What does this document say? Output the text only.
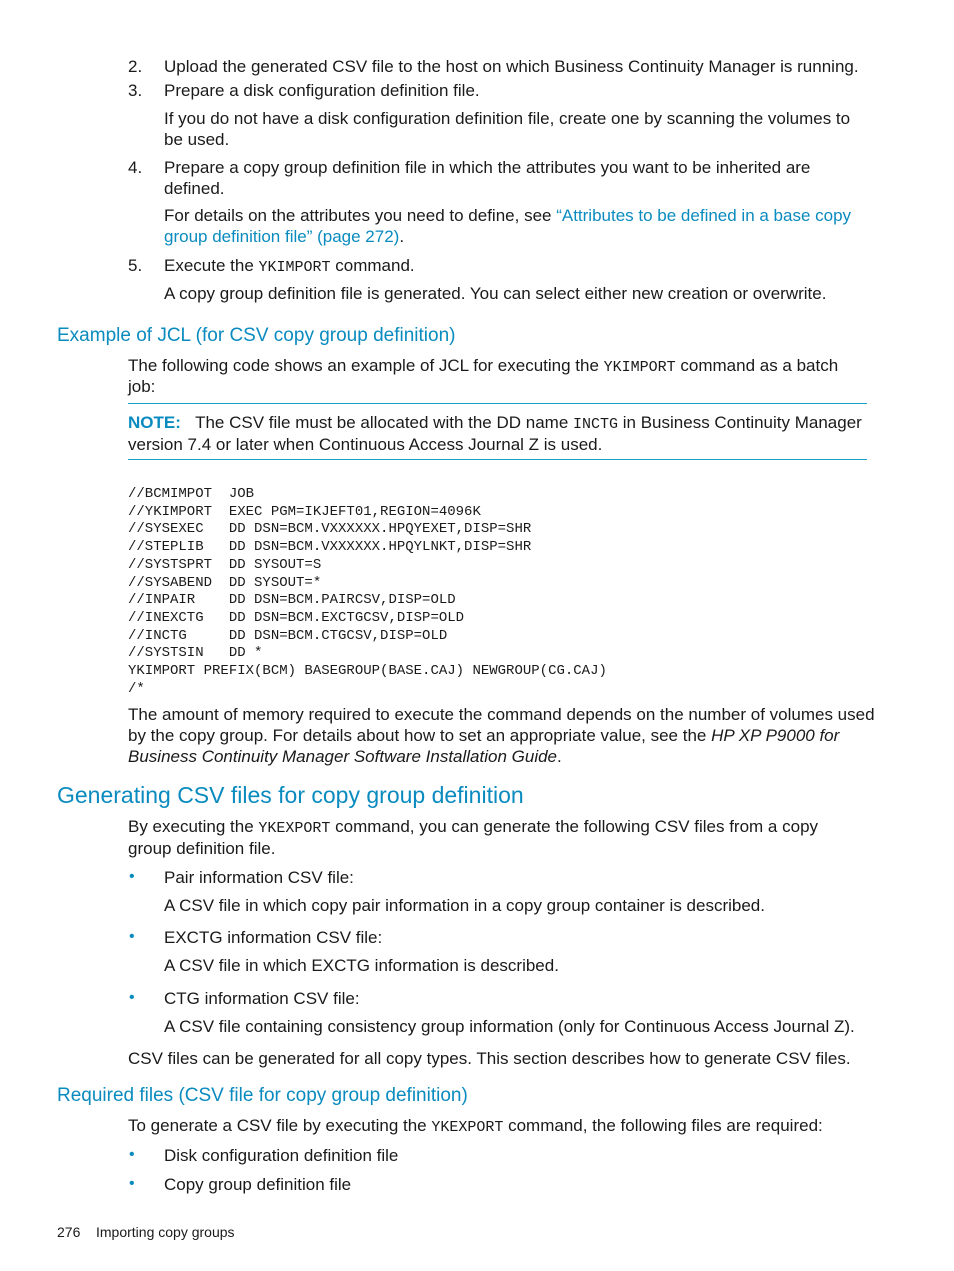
2.	Upload the generated CSV file to the host on which Business Continuity Manager is running.
3.	Prepare a disk configuration definition file.
If you do not have a disk configuration definition file, create one by scanning the volumes to
be used.
4.	Prepare a copy group definition file in which the attributes you want to be inherited are
defined.
For details on the attributes you need to define, see “Attributes to be defined in a base copy
group definition file” (page 272).
5.	Execute the YKIMPORT command.
A copy group definition file is generated. You can select either new creation or overwrite.
Example of JCL (for CSV copy group definition)
The following code shows an example of JCL for executing the YKIMPORT command as a batch
job:
NOTE: The CSV file must be allocated with the DD name INCTG in Business Continuity Manager
version 7.4 or later when Continuous Access Journal Z is used.
//BCMIMPOT  JOB
//YKIMPORT  EXEC PGM=IKJEFT01,REGION=4096K
//SYSEXEC   DD DSN=BCM.VXXXXXX.HPQYEXET,DISP=SHR
//STEPLIB   DD DSN=BCM.VXXXXXX.HPQYLNKT,DISP=SHR
//SYSTSPRT  DD SYSOUT=S
//SYSABEND  DD SYSOUT=*
//INPAIR    DD DSN=BCM.PAIRCSV,DISP=OLD
//INEXCTG   DD DSN=BCM.EXCTGCSV,DISP=OLD
//INCTG     DD DSN=BCM.CTGCSV,DISP=OLD
//SYSTSIN   DD *
YKIMPORT PREFIX(BCM) BASEGROUP(BASE.CAJ) NEWGROUP(CG.CAJ)
/*
The amount of memory required to execute the command depends on the number of volumes used
by the copy group. For details about how to set an appropriate value, see the HP XP P9000 for
Business Continuity Manager Software Installation Guide.
Generating CSV files for copy group definition
By executing the YKEXPORT command, you can generate the following CSV files from a copy
group definition file.
• Pair information CSV file:
A CSV file in which copy pair information in a copy group container is described.
• EXCTG information CSV file:
A CSV file in which EXCTG information is described.
• CTG information CSV file:
A CSV file containing consistency group information (only for Continuous Access Journal Z).
CSV files can be generated for all copy types. This section describes how to generate CSV files.
Required files (CSV file for copy group definition)
To generate a CSV file by executing the YKEXPORT command, the following files are required:
• Disk configuration definition file
• Copy group definition file
276 Importing copy groups
